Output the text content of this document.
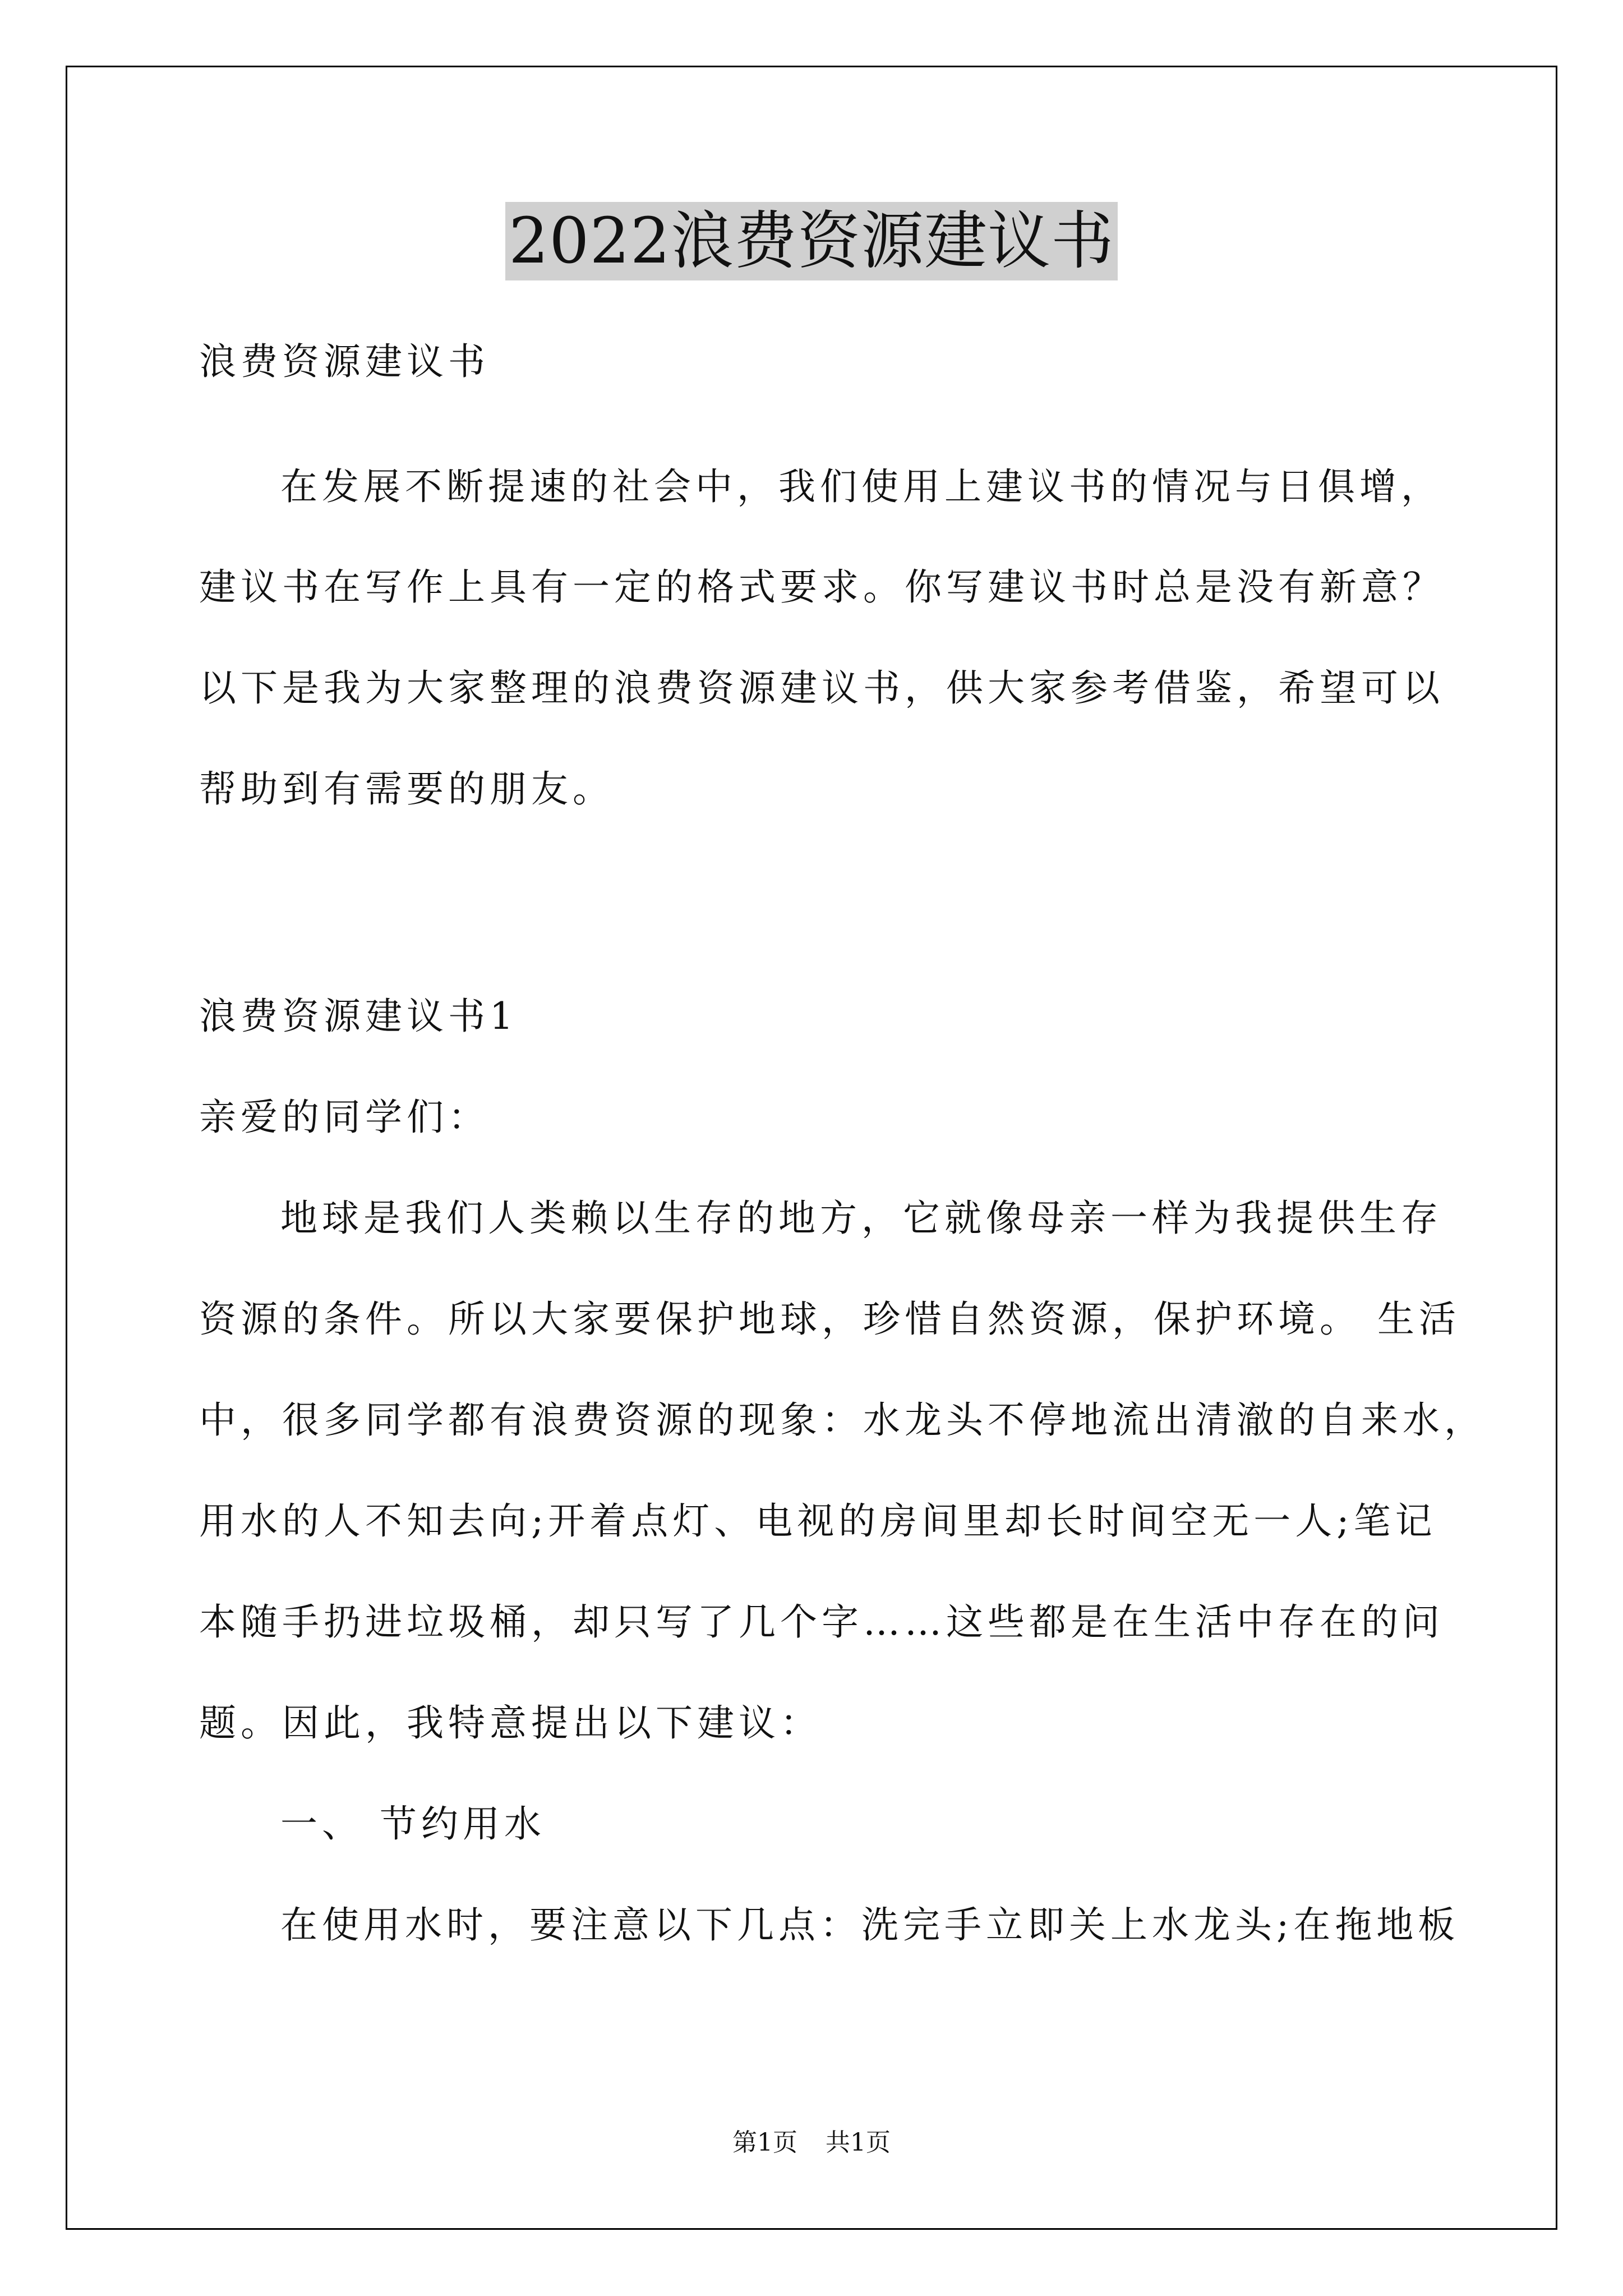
2022浪费资源建议书
浪费资源建议书
在发展不断提速的社会中，我们使用上建议书的情况与日俱增，
建议书在写作上具有一定的格式要求。你写建议书时总是没有新意？
以下是我为大家整理的浪费资源建议书，供大家参考借鉴，希望可以
帮助到有需要的朋友。
浪费资源建议书1
亲爱的同学们：
地球是我们人类赖以生存的地方，它就像母亲一样为我提供生存
资源的条件。所以大家要保护地球，珍惜自然资源，保护环境。 生活
中，很多同学都有浪费资源的现象：水龙头不停地流出清澈的自来水，
用水的人不知去向;开着点灯、电视的房间里却长时间空无一人;笔记
本随手扔进垃圾桶，却只写了几个字……这些都是在生活中存在的问
题。因此，我特意提出以下建议：
一、 节约用水
在使用水时，要注意以下几点：洗完手立即关上水龙头;在拖地板
第1页 共1页
